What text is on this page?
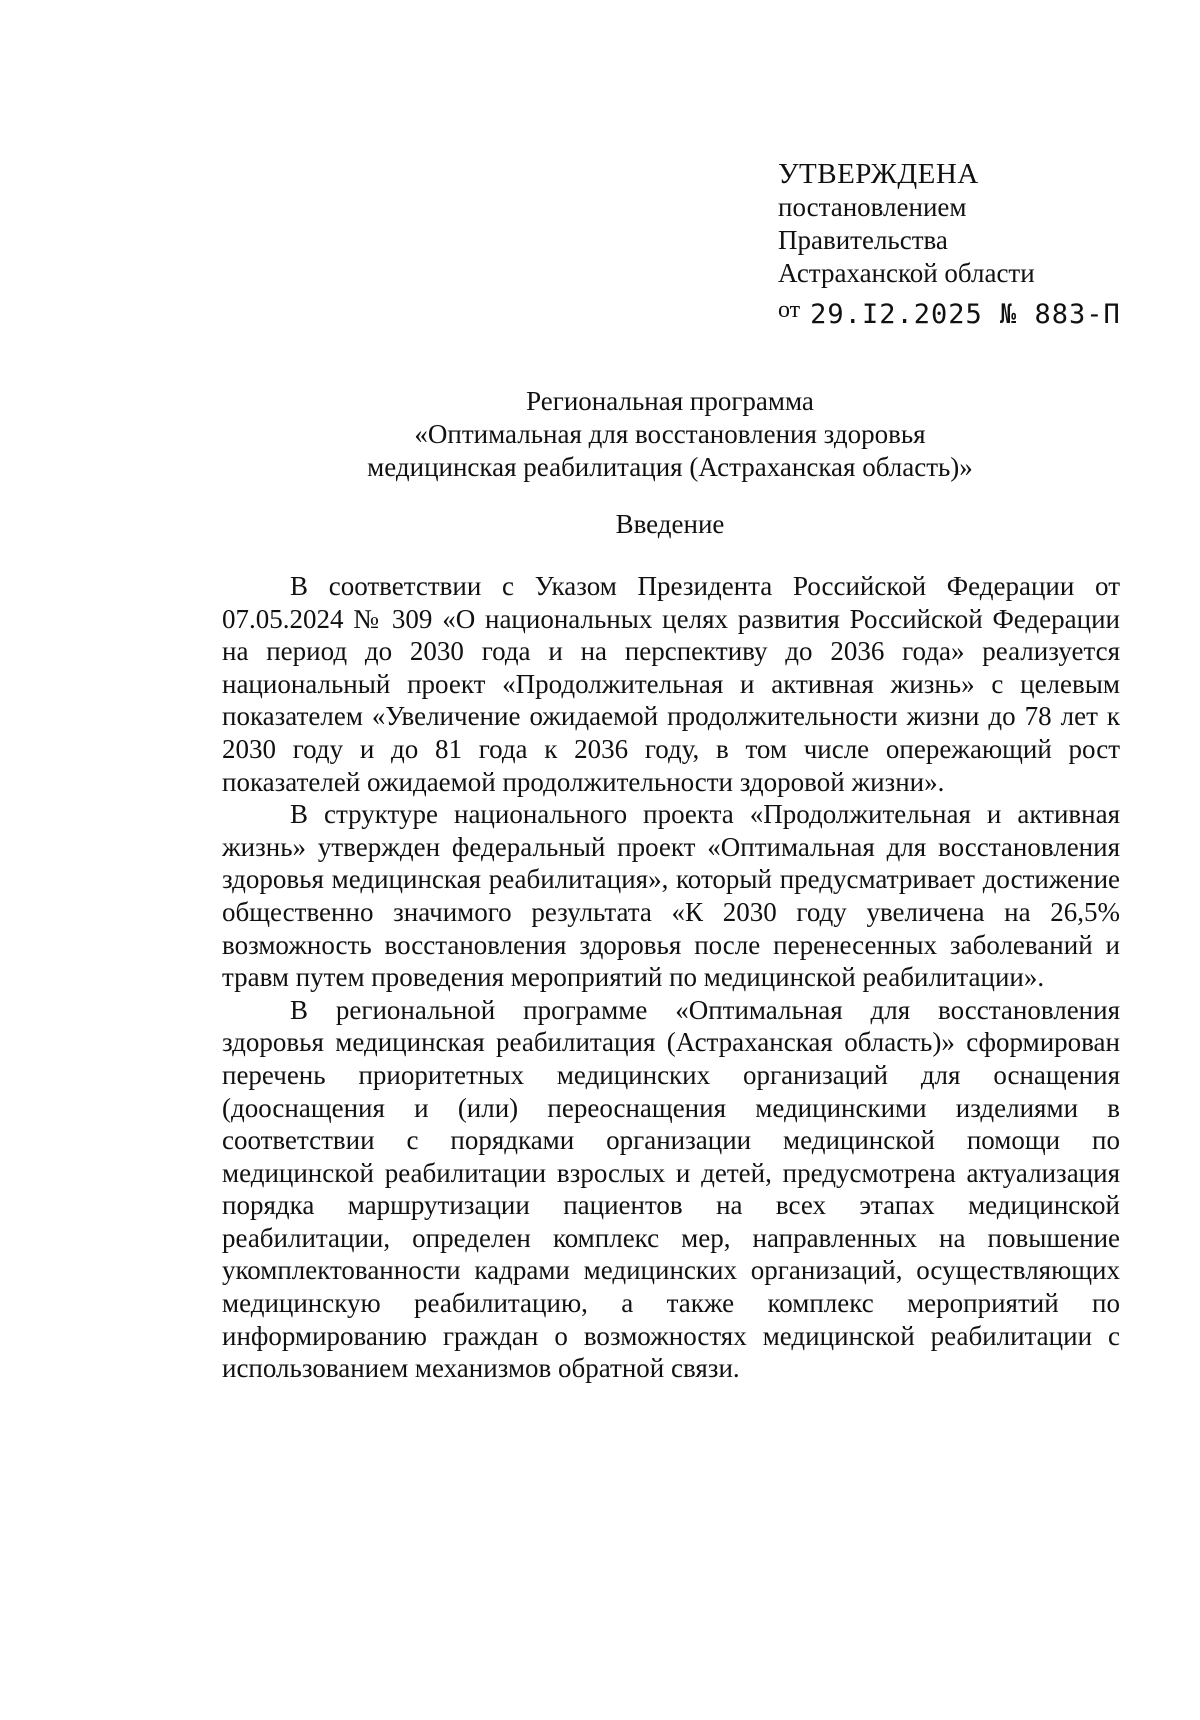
УТВЕРЖДЕНА
постановлением
Правительства
Астраханской области
от 29.I2.2025 № 883-П
Региональная программа
«Оптимальная для восстановления здоровья
медицинская реабилитация (Астраханская область)»
Введение

В соответствии с Указом Президента Российской Федерации от 07.05.2024 № 309 «О национальных целях развития Российской Федерации на период до 2030 года и на перспективу до 2036 года» реализуется национальный проект «Продолжительная и активная жизнь» с целевым показателем «Увеличение ожидаемой продолжительности жизни до 78 лет к 2030 году и до 81 года к 2036 году, в том числе опережающий рост показателей ожидаемой продолжительности здоровой жизни».

В структуре национального проекта «Продолжительная и активная жизнь» утвержден федеральный проект «Оптимальная для восстановления здоровья медицинская реабилитация», который предусматривает достижение общественно значимого результата «К 2030 году увеличена на 26,5% возможность восстановления здоровья после перенесенных заболеваний и травм путем проведения мероприятий по медицинской реабилитации».

В региональной программе «Оптимальная для восстановления здоровья медицинская реабилитация (Астраханская область)» сформирован перечень приоритетных медицинских организаций для оснащения (дооснащения и (или) переоснащения медицинскими изделиями в соответствии с порядками организации медицинской помощи по медицинской реабилитации взрослых и детей, предусмотрена актуализация порядка маршрутизации пациентов на всех этапах медицинской реабилитации, определен комплекс мер, направленных на повышение укомплектованности кадрами медицинских организаций, осуществляющих медицинскую реабилитацию, а также комплекс мероприятий по информированию граждан о возможностях медицинской реабилитации с использованием механизмов обратной связи.
